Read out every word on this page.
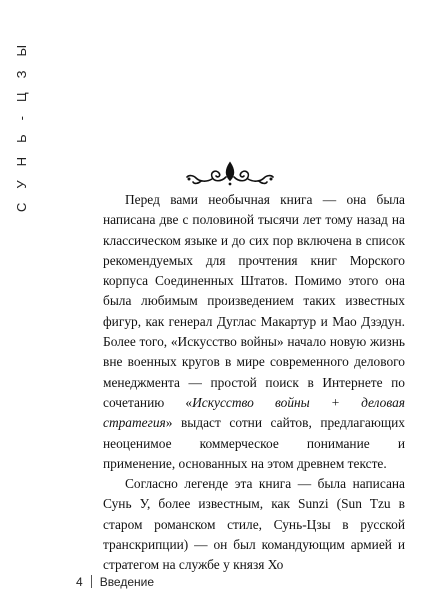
С У Н Ь - Ц З Ы	Перед вами необычная книга — она была написана две с половиной тысячи лет тому назад на классическом языке и до сих пор включена в список рекомендуемых для прочтения книг Морского корпуса Соединенных Штатов. Помимо этого она была любимым произведением таких известных фигур, как генерал Дуглас Макартур и Мао Дзэдун. Более того, «Искусство войны» начало новую жизнь вне военных кругов в мире современного делового менеджмента — простой поиск в Интернете по сочетанию «Искусство войны + деловая стратегия» выдаст сотни сайтов, предлагающих неоценимое коммерческое понимание и применение, основанных на этом древнем тексте.

Согласно легенде эта книга — была написана Сунь У, более известным, как Sunzi (Sun Tzu в старом романском стиле, Сунь-Цзы в русской транскрипции) — он был командующим армией и стратегом на службе у князя Хо

4 Введение
